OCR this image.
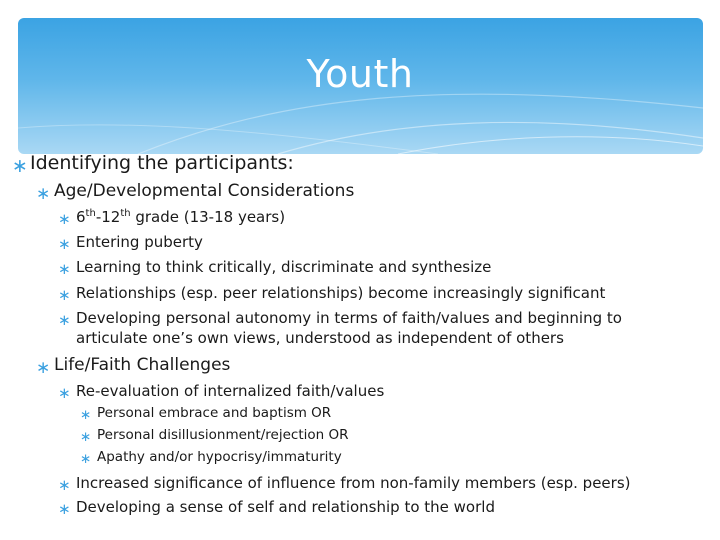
Youth
∗ Identifying the participants:
∗ Age/Developmental Considerations
∗ 6th-12th grade (13-18 years)
∗ Entering puberty
∗ Learning to think critically, discriminate and synthesize
∗ Relationships (esp. peer relationships) become increasingly significant
∗ Developing personal autonomy in terms of faith/values and beginning to
articulate one’s own views, understood as independent of others
∗ Life/Faith Challenges
∗ Re-evaluation of internalized faith/values
∗ Personal embrace and baptism OR
∗ Personal disillusionment/rejection OR
∗ Apathy and/or hypocrisy/immaturity
∗ Increased significance of influence from non-family members (esp. peers)
∗ Developing a sense of self and relationship to the world
